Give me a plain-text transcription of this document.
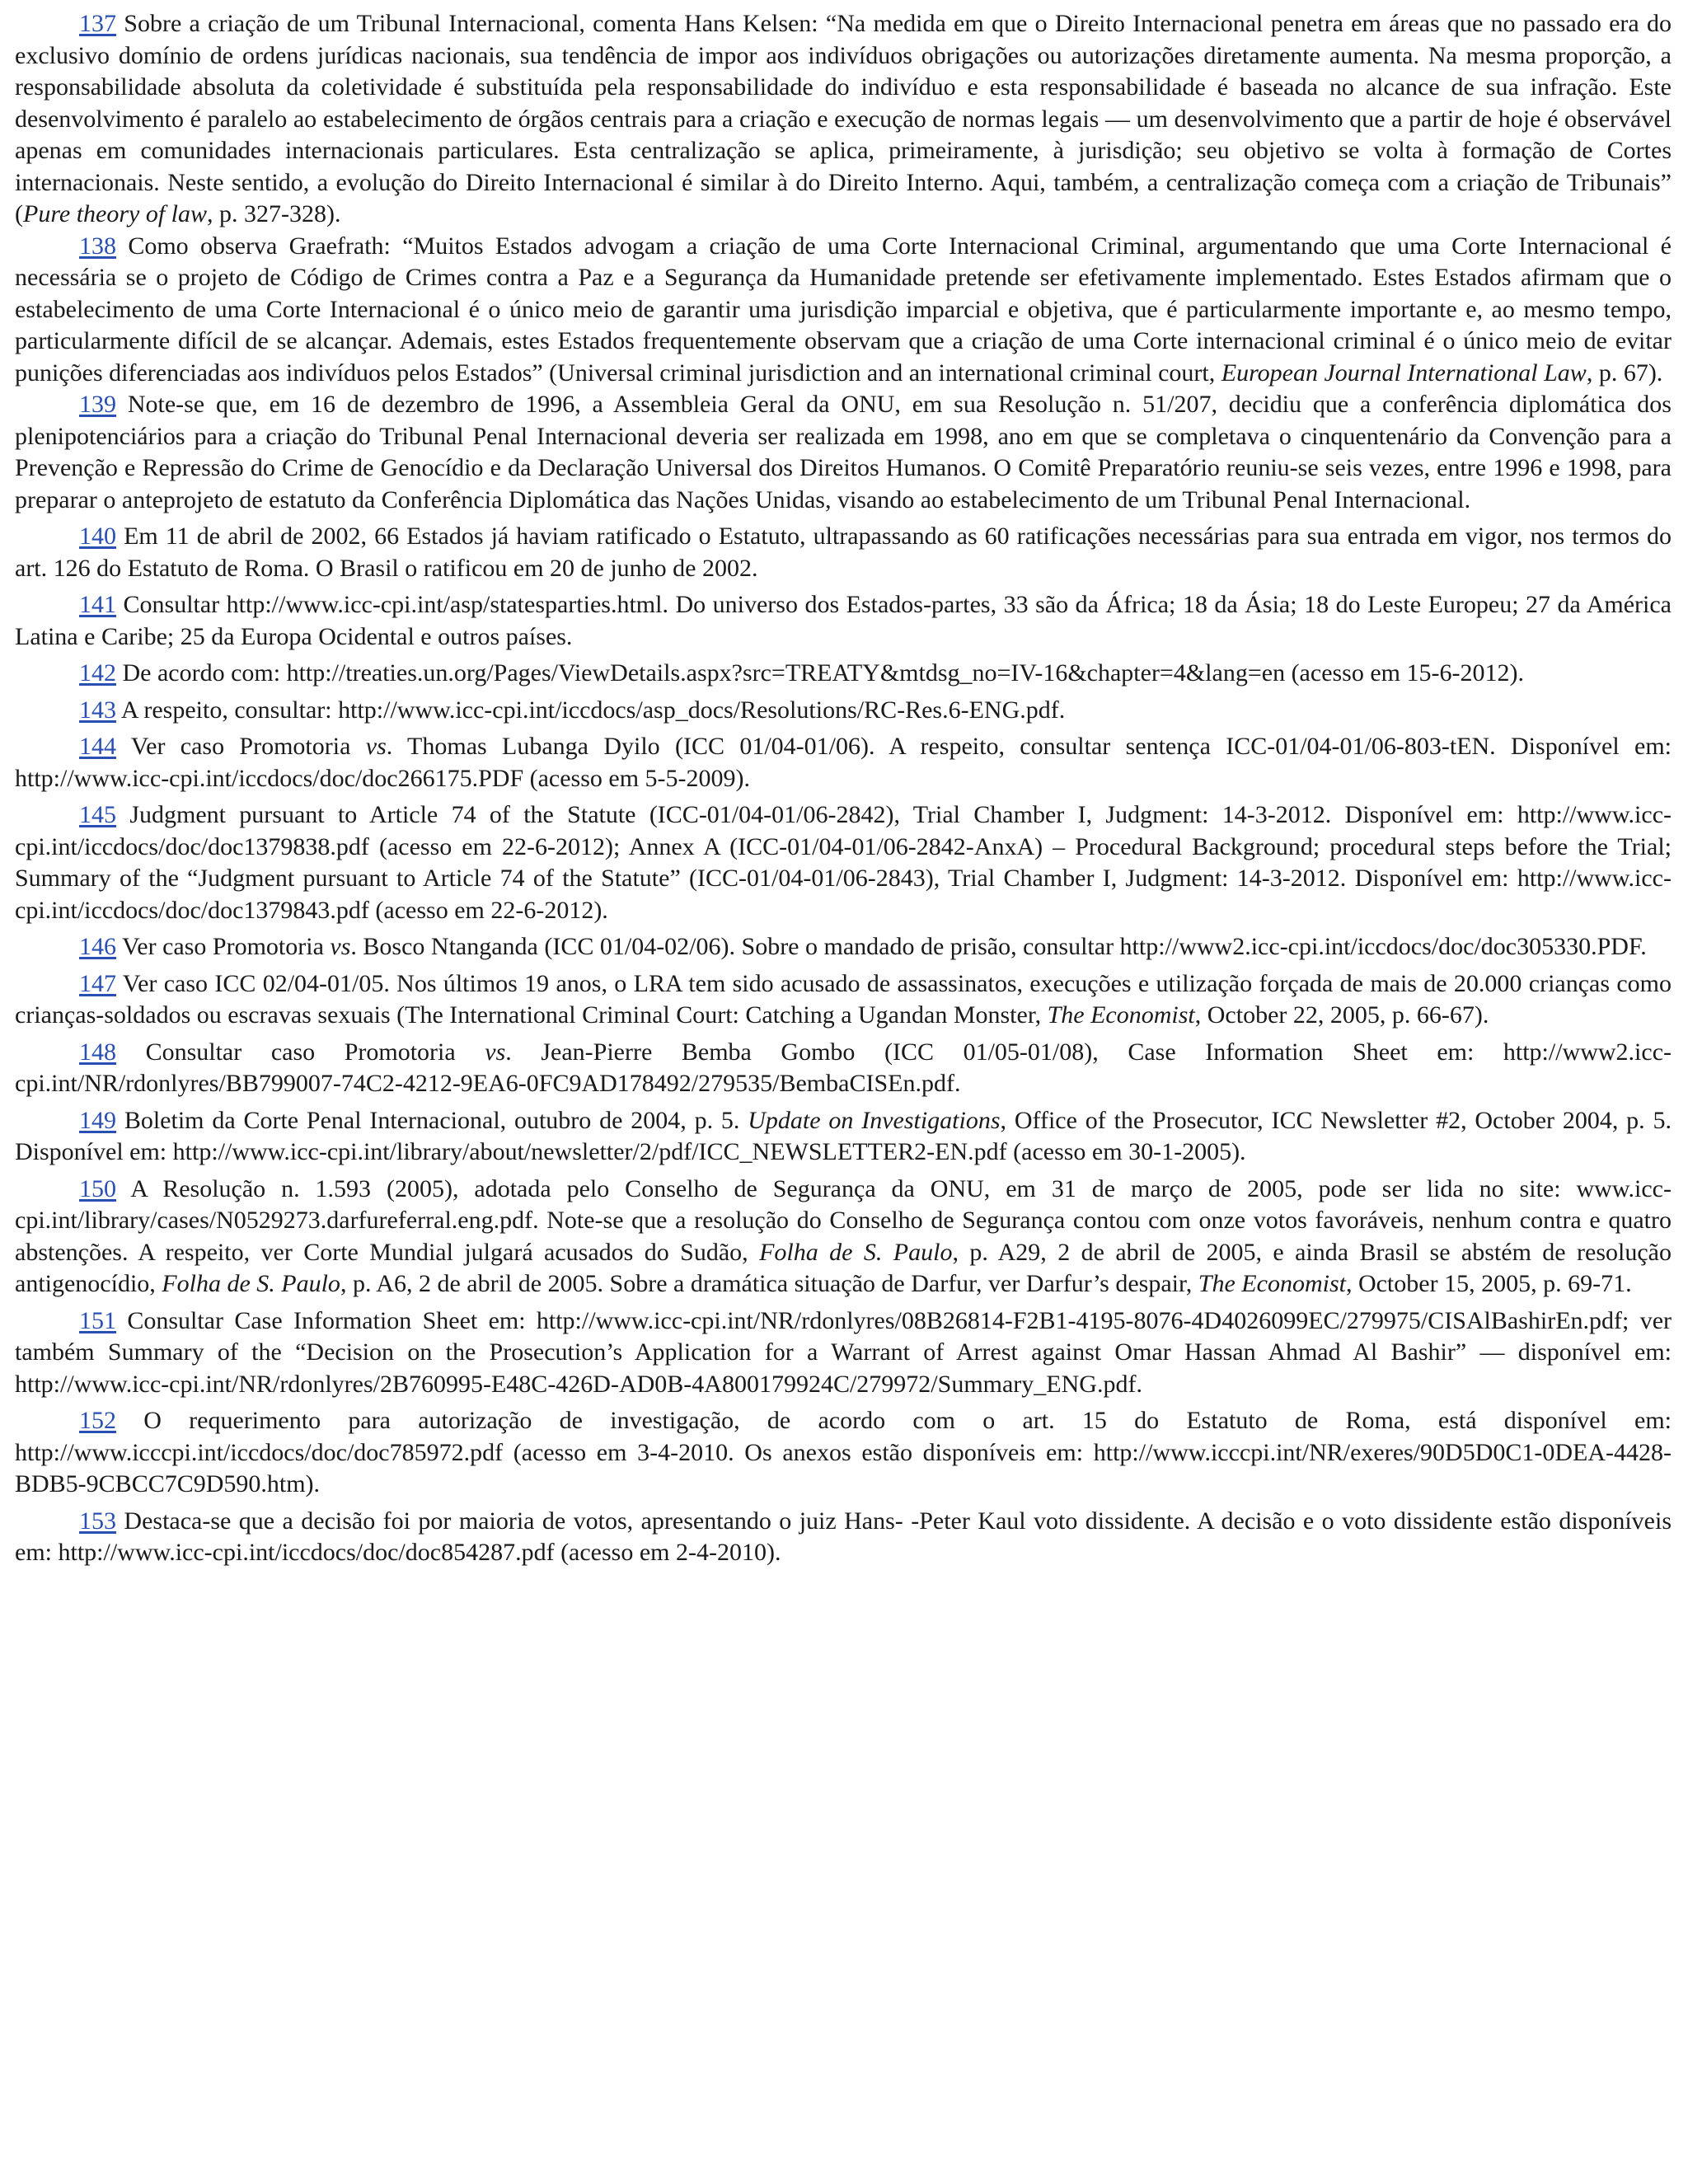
137 Sobre a criação de um Tribunal Internacional, comenta Hans Kelsen: “Na medida em que o Direito Internacional penetra em áreas que no passado era do exclusivo domínio de ordens jurídicas nacionais, sua tendência de impor aos indivíduos obrigações ou autorizações diretamente aumenta. Na mesma proporção, a responsabilidade absoluta da coletividade é substituída pela responsabilidade do indivíduo e esta responsabilidade é baseada no alcance de sua infração. Este desenvolvimento é paralelo ao estabelecimento de órgãos centrais para a criação e execução de normas legais — um desenvolvimento que a partir de hoje é observável apenas em comunidades internacionais particulares. Esta centralização se aplica, primeiramente, à jurisdição; seu objetivo se volta à formação de Cortes internacionais. Neste sentido, a evolução do Direito Internacional é similar à do Direito Interno. Aqui, também, a centralização começa com a criação de Tribunais” (Pure theory of law, p. 327-328).

138 Como observa Graefrath: “Muitos Estados advogam a criação de uma Corte Internacional Criminal, argumentando que uma Corte Internacional é necessária se o projeto de Código de Crimes contra a Paz e a Segurança da Humanidade pretende ser efetivamente implementado. Estes Estados afirmam que o estabelecimento de uma Corte Internacional é o único meio de garantir uma jurisdição imparcial e objetiva, que é particularmente importante e, ao mesmo tempo, particularmente difícil de se alcançar. Ademais, estes Estados frequentemente observam que a criação de uma Corte internacional criminal é o único meio de evitar punições diferenciadas aos indivíduos pelos Estados” (Universal criminal jurisdiction and an international criminal court, European Journal International Law, p. 67).

139 Note-se que, em 16 de dezembro de 1996, a Assembleia Geral da ONU, em sua Resolução n. 51/207, decidiu que a conferência diplomática dos plenipotenciários para a criação do Tribunal Penal Internacional deveria ser realizada em 1998, ano em que se completava o cinquentenário da Convenção para a Prevenção e Repressão do Crime de Genocídio e da Declaração Universal dos Direitos Humanos. O Comitê Preparatório reuniu-se seis vezes, entre 1996 e 1998, para preparar o anteprojeto de estatuto da Conferência Diplomática das Nações Unidas, visando ao estabelecimento de um Tribunal Penal Internacional.

140 Em 11 de abril de 2002, 66 Estados já haviam ratificado o Estatuto, ultrapassando as 60 ratificações necessárias para sua entrada em vigor, nos termos do art. 126 do Estatuto de Roma. O Brasil o ratificou em 20 de junho de 2002.

141 Consultar http://www.icc-cpi.int/asp/statesparties.html. Do universo dos Estados-partes, 33 são da África; 18 da Ásia; 18 do Leste Europeu; 27 da América Latina e Caribe; 25 da Europa Ocidental e outros países.

142 De acordo com: http://treaties.un.org/Pages/ViewDetails.aspx?src=TREATY&mtdsg_no=IV-16&chapter=4&lang=en (acesso em 15-6-2012).

143 A respeito, consultar: http://www.icc-cpi.int/iccdocs/asp_docs/Resolutions/RC-Res.6-ENG.pdf.

144 Ver caso Promotoria vs. Thomas Lubanga Dyilo (ICC 01/04-01/06). A respeito, consultar sentença ICC-01/04-01/06-803-tEN. Disponível em: http://www.icc-cpi.int/iccdocs/doc/doc266175.PDF (acesso em 5-5-2009).

145 Judgment pursuant to Article 74 of the Statute (ICC-01/04-01/06-2842), Trial Chamber I, Judgment: 14-3-2012. Disponível em: http://www.icc-cpi.int/iccdocs/doc/doc1379838.pdf (acesso em 22-6-2012); Annex A (ICC-01/04-01/06-2842-AnxA) – Procedural Background; procedural steps before the Trial; Summary of the “Judgment pursuant to Article 74 of the Statute” (ICC-01/04-01/06-2843), Trial Chamber I, Judgment: 14-3-2012. Disponível em: http://www.icc-cpi.int/iccdocs/doc/doc1379843.pdf (acesso em 22-6-2012).

146 Ver caso Promotoria vs. Bosco Ntanganda (ICC 01/04-02/06). Sobre o mandado de prisão, consultar http://www2.icc-cpi.int/iccdocs/doc/doc305330.PDF.

147 Ver caso ICC 02/04-01/05. Nos últimos 19 anos, o LRA tem sido acusado de assassinatos, execuções e utilização forçada de mais de 20.000 crianças como crianças-soldados ou escravas sexuais (The International Criminal Court: Catching a Ugandan Monster, The Economist, October 22, 2005, p. 66-67).

148 Consultar caso Promotoria vs. Jean-Pierre Bemba Gombo (ICC 01/05-01/08), Case Information Sheet em: http://www2.icc-cpi.int/NR/rdonlyres/BB799007-74C2-4212-9EA6-0FC9AD178492/279535/BembaCISEn.pdf.

149 Boletim da Corte Penal Internacional, outubro de 2004, p. 5. Update on Investigations, Office of the Prosecutor, ICC Newsletter #2, October 2004, p. 5. Disponível em: http://www.icc-cpi.int/library/about/newsletter/2/pdf/ICC_NEWSLETTER2-EN.pdf (acesso em 30-1-2005).

150 A Resolução n. 1.593 (2005), adotada pelo Conselho de Segurança da ONU, em 31 de março de 2005, pode ser lida no site: www.icc-cpi.int/library/cases/N0529273.darfureferral.eng.pdf. Note-se que a resolução do Conselho de Segurança contou com onze votos favoráveis, nenhum contra e quatro abstenções. A respeito, ver Corte Mundial julgará acusados do Sudão, Folha de S. Paulo, p. A29, 2 de abril de 2005, e ainda Brasil se abstém de resolução antigenocídio, Folha de S. Paulo, p. A6, 2 de abril de 2005. Sobre a dramática situação de Darfur, ver Darfur’s despair, The Economist, October 15, 2005, p. 69-71.

151 Consultar Case Information Sheet em: http://www.icc-cpi.int/NR/rdonlyres/08B26814-F2B1-4195-8076-4D4026099EC/279975/CISAlBashirEn.pdf; ver também Summary of the “Decision on the Prosecution’s Application for a Warrant of Arrest against Omar Hassan Ahmad Al Bashir” — disponível em: http://www.icc-cpi.int/NR/rdonlyres/2B760995-E48C-426D-AD0B-4A800179924C/279972/Summary_ENG.pdf.

152 O requerimento para autorização de investigação, de acordo com o art. 15 do Estatuto de Roma, está disponível em: http://www.icccpi.int/iccdocs/doc/doc785972.pdf (acesso em 3-4-2010. Os anexos estão disponíveis em: http://www.icccpi.int/NR/exeres/90D5D0C1-0DEA-4428-BDB5-9CBCC7C9D590.htm).

153 Destaca-se que a decisão foi por maioria de votos, apresentando o juiz Hans- -Peter Kaul voto dissidente. A decisão e o voto dissidente estão disponíveis em: http://www.icc-cpi.int/iccdocs/doc/doc854287.pdf (acesso em 2-4-2010).
